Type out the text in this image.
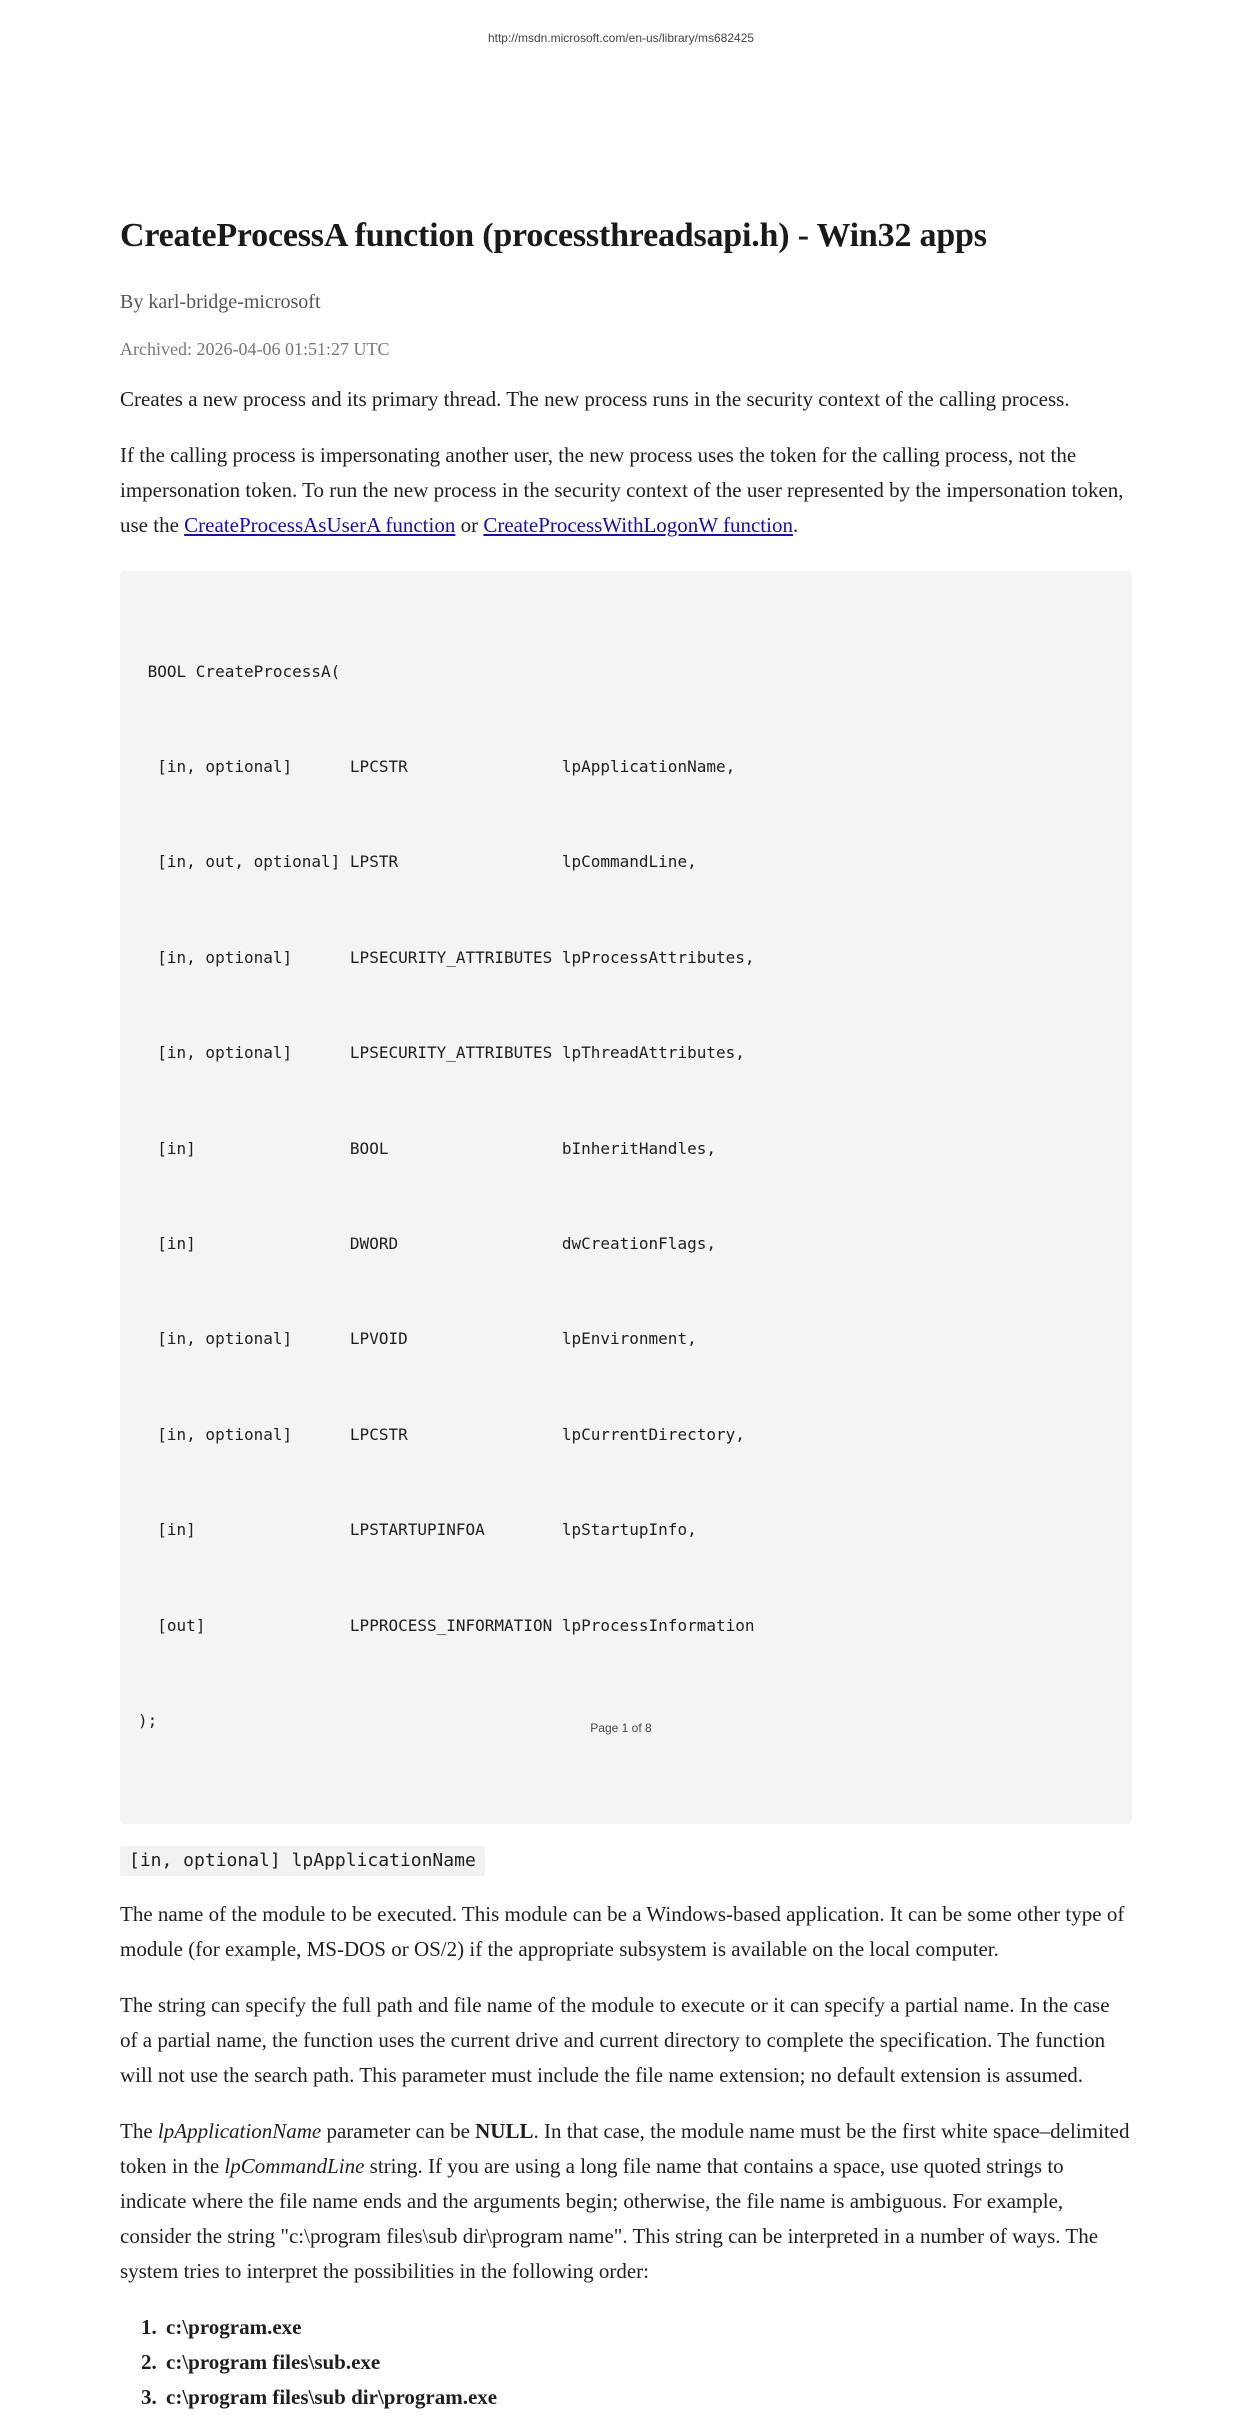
http://msdn.microsoft.com/en-us/library/ms682425
CreateProcessA function (processthreadsapi.h) - Win32 apps
By karl-bridge-microsoft
Archived: 2026-04-06 01:51:27 UTC

Creates a new process and its primary thread. The new process runs in the security context of the calling process.

If the calling process is impersonating another user, the new process uses the token for the calling process, not the impersonation token. To run the new process in the security context of the user represented by the impersonation token, use the CreateProcessAsUserA function or CreateProcessWithLogonW function.

BOOL CreateProcessA(

[in, optional]      LPCSTR                lpApplicationName,

[in, out, optional] LPSTR                 lpCommandLine,

[in, optional]      LPSECURITY_ATTRIBUTES lpProcessAttributes,

[in, optional]      LPSECURITY_ATTRIBUTES lpThreadAttributes,

[in]                BOOL                  bInheritHandles,

[in]                DWORD                 dwCreationFlags,

[in, optional]      LPVOID                lpEnvironment,

[in, optional]      LPCSTR                lpCurrentDirectory,

[in]                LPSTARTUPINFOA        lpStartupInfo,

[out]               LPPROCESS_INFORMATION lpProcessInformation

);

[in, optional] lpApplicationName

The name of the module to be executed. This module can be a Windows-based application. It can be some other type of module (for example, MS-DOS or OS/2) if the appropriate subsystem is available on the local computer.

The string can specify the full path and file name of the module to execute or it can specify a partial name. In the case of a partial name, the function uses the current drive and current directory to complete the specification. The function will not use the search path. This parameter must include the file name extension; no default extension is assumed.

The lpApplicationName parameter can be NULL. In that case, the module name must be the first white space–delimited token in the lpCommandLine string. If you are using a long file name that contains a space, use quoted strings to indicate where the file name ends and the arguments begin; otherwise, the file name is ambiguous. For example, consider the string "c:\program files\sub dir\program name". This string can be interpreted in a number of ways. The system tries to interpret the possibilities in the following order:

1. c:\program.exe
2. c:\program files\sub.exe
3. c:\program files\sub dir\program.exe
Page 1 of 8
